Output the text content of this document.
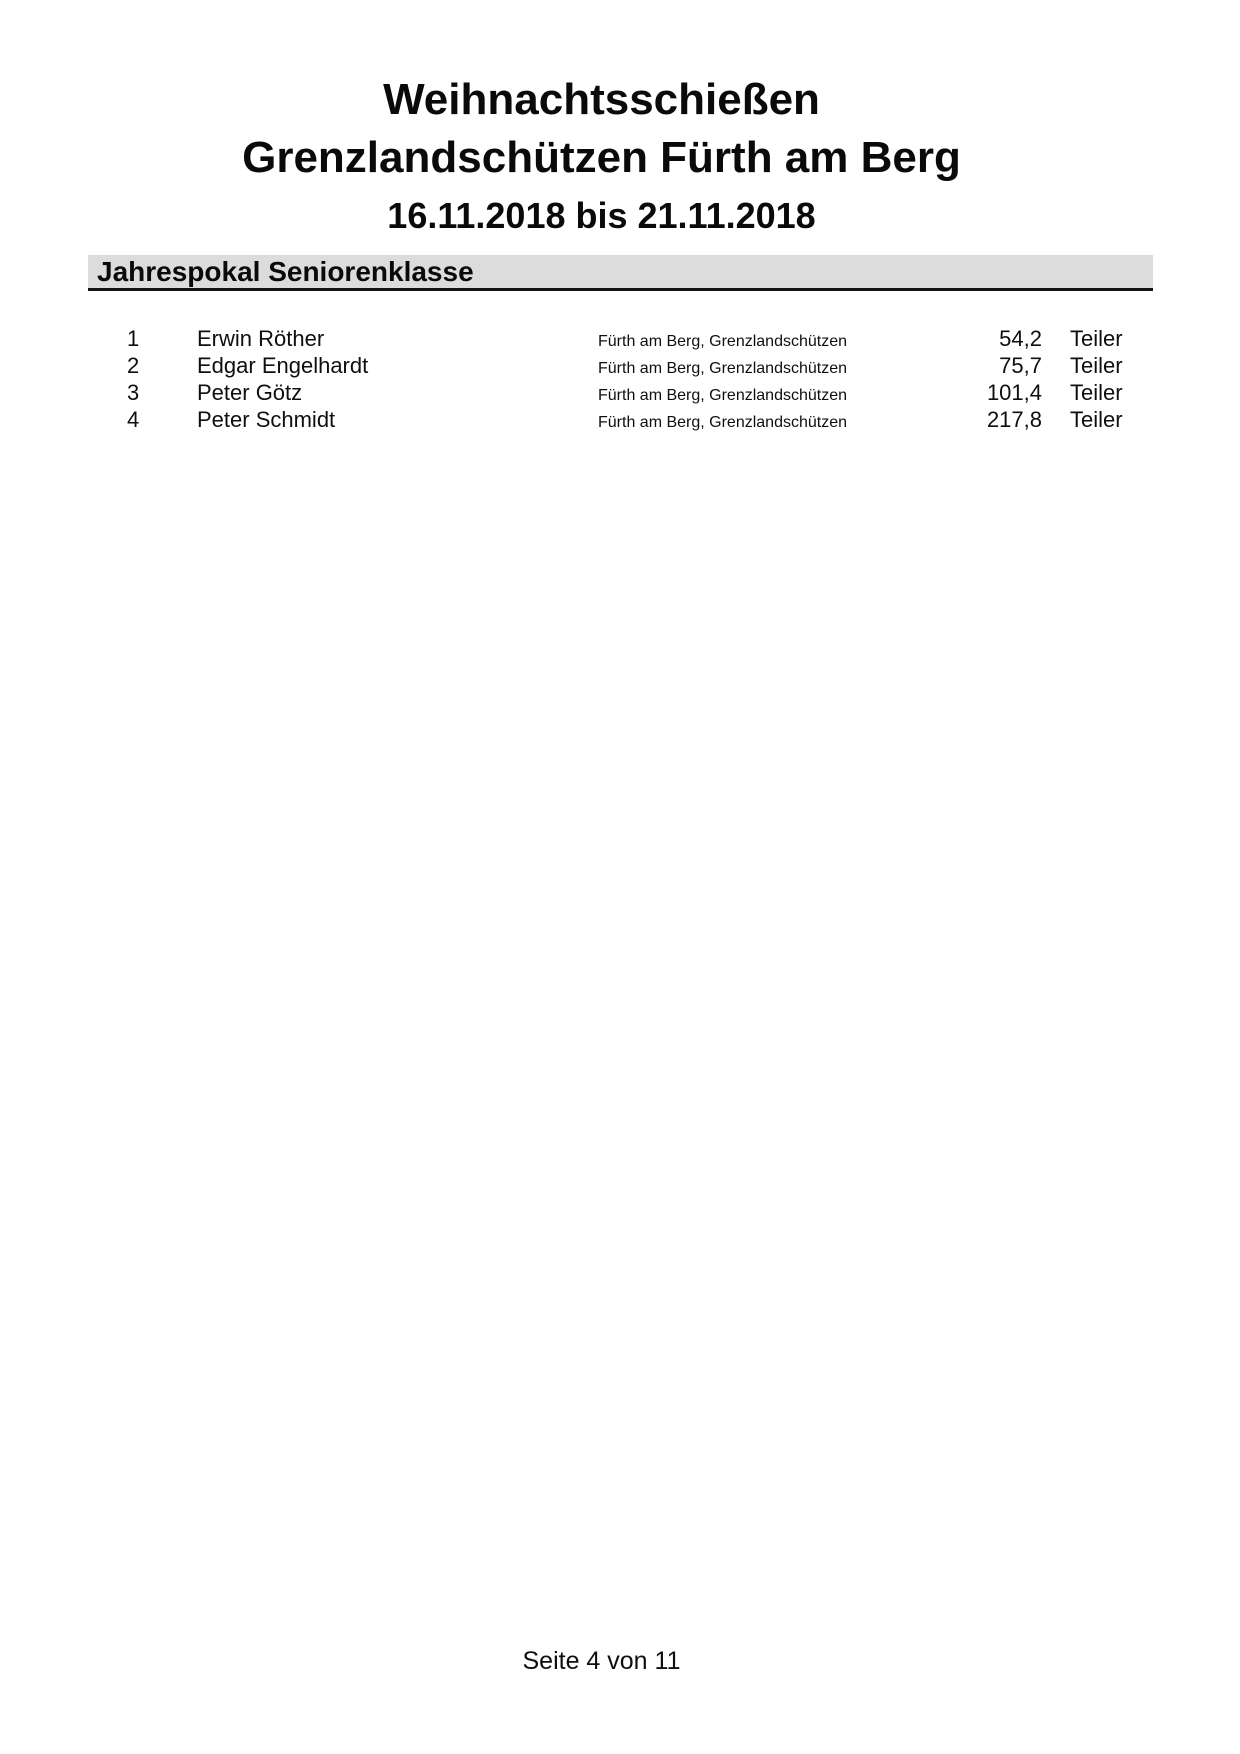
Weihnachtsschießen
Grenzlandschützen Fürth am Berg
16.11.2018 bis 21.11.2018
Jahrespokal Seniorenklasse
1	Erwin Röther	Fürth am Berg, Grenzlandschützen	54,2	Teiler
2	Edgar Engelhardt	Fürth am Berg, Grenzlandschützen	75,7	Teiler
3	Peter Götz	Fürth am Berg, Grenzlandschützen	101,4	Teiler
4	Peter Schmidt	Fürth am Berg, Grenzlandschützen	217,8	Teiler
Seite 4 von 11
